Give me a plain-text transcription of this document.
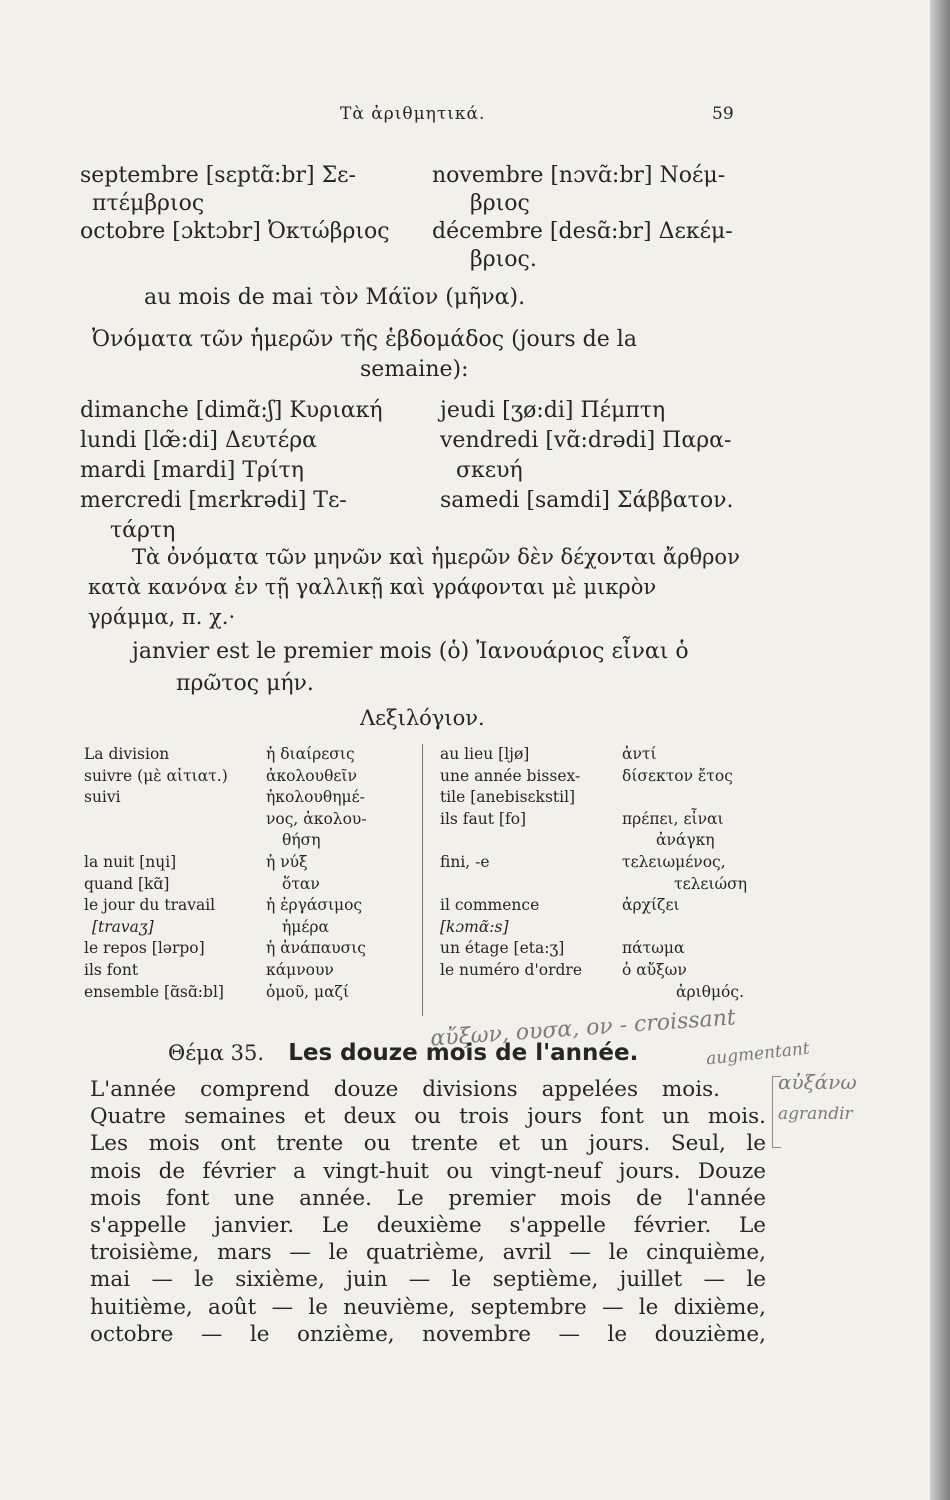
Τὰ ἀριθμητικά.	59
septembre [sɛptɑ̃:br] Σε-
πτέμβριος
octobre [ɔktɔbr] Ὀκτώβριος
novembre [nɔvɑ̃:br] Νοέμ-
βριος
décembre [desɑ̃:br] Δεκέμ-
βριος.
au mois de mai τὸν Μάϊον (μῆνα).
Ὀνόματα τῶν ἡμερῶν τῆς ἑβδομάδος (jours de la
semaine):
dimanche [dimɑ̃:ʃ] Κυριακή
lundi [lœ̃:di] Δευτέρα
mardi [mardi] Τρίτη
mercredi [mɛrkrədi] Τε-
τάρτη
jeudi [ʒø:di] Πέμπτη
vendredi [vɑ̃:drədi] Παρα-
σκευή
samedi [samdi] Σάββατον.
Τὰ ὀνόματα τῶν μηνῶν καὶ ἡμερῶν δὲν δέχονται ἄρθρον
κατὰ κανόνα ἐν τῇ γαλλικῇ καὶ γράφονται μὲ μικρὸν
γράμμα, π. χ.·
janvier est le premier mois (ὁ) Ἰανουάριος εἶναι ὁ
πρῶτος μήν.
Λεξιλόγιον.
La division
suivre (μὲ αἰτιατ.)
suivi

la nuit [nɥi]
quand [kɑ̃]
le jour du travail
[travaʒ]
le repos [lərpo]
ils font
ensemble [ɑ̃sɑ̃:bl]
ἡ διαίρεσις
ἀκολουθεῖν
ἠκολουθημέ-
νος, ἀκολου-
θήση
ἡ νύξ
ὅταν
ἡ ἐργάσιμος
ἡμέρα
ἡ ἀνάπαυσις
κάμνουν
ὁμοῦ, μαζί
au lieu [ljø]
une année bissex-
tile [anebisɛkstil]
ils faut [fo]

fini, -e

il commence
[kɔmɑ̃:s]
un étage [eta:ʒ]
le numéro d'ordre

ἀντί
δίσεκτον ἔτος

πρέπει, εἶναι
ἀνάγκη
τελειωμένος,
τελειώση
ἀρχίζει

πάτωμα
ὁ αὔξων
ἀριθμός.
αὔξων, ουσα, ον - croissant
augmentant
Θέμα 35. Les douze mois de l'année.
L'année comprend douze divisions appelées mois.
Quatre semaines et deux ou trois jours font un mois.
Les mois ont trente ou trente et un jours. Seul, le
mois de février a vingt-huit ou vingt-neuf jours. Douze
mois font une année. Le premier mois de l'année
s'appelle janvier. Le deuxième s'appelle février. Le
troisième, mars — le quatrième, avril — le cinquième,
mai — le sixième, juin — le septième, juillet — le
huitième, août — le neuvième, septembre — le dixième,
octobre — le onzième, novembre — le douzième,
αὐξάνω
agrandir
